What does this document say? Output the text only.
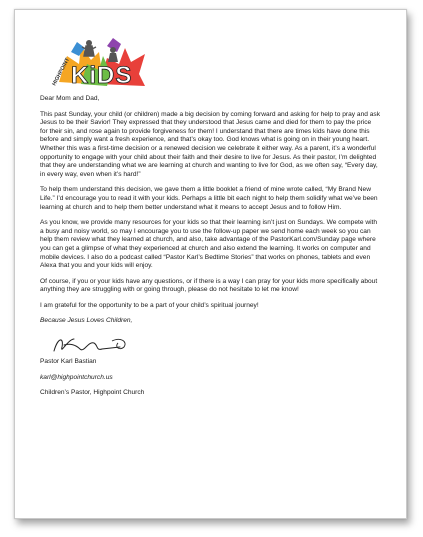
HIGHPOINT KiDS

Dear Mom and Dad,

This past Sunday, your child (or children) made a big decision by coming forward and asking for help to pray and ask Jesus to be their Savior! They expressed that they understood that Jesus came and died for them to pay the price for their sin, and rose again to provide forgiveness for them! I understand that there are times kids have done this before and simply want a fresh experience, and that’s okay too. God knows what is going on in their young heart. Whether this was a first-time decision or a renewed decision we celebrate it either way. As a parent, it’s a wonderful opportunity to engage with your child about their faith and their desire to live for Jesus. As their pastor, I’m delighted that they are understanding what we are learning at church and wanting to live for God, as we often say, “Every day, in every way, even when it’s hard!”

To help them understand this decision, we gave them a little booklet a friend of mine wrote called, “My Brand New Life.” I’d encourage you to read it with your kids. Perhaps a little bit each night to help them solidify what we’ve been learning at church and to help them better understand what it means to accept Jesus and to follow Him.

As you know, we provide many resources for your kids so that their learning isn’t just on Sundays. We compete with a busy and noisy world, so may I encourage you to use the follow-up paper we send home each week so you can help them review what they learned at church, and also, take advantage of the PastorKarl.com/Sunday page where you can get a glimpse of what they experienced at church and also extend the learning. It works on computer and mobile devices. I also do a podcast called “Pastor Karl’s Bedtime Stories” that works on phones, tablets and even Alexa that you and your kids will enjoy.

Of course, if you or your kids have any questions, or if there is a way I can pray for your kids more specifically about anything they are struggling with or going through, please do not hesitate to let me know!

I am grateful for the opportunity to be a part of your child’s spiritual journey!

Because Jesus Loves Children,

Pastor Karl Bastian

karl@highpointchurch.us

Children’s Pastor, Highpoint Church
